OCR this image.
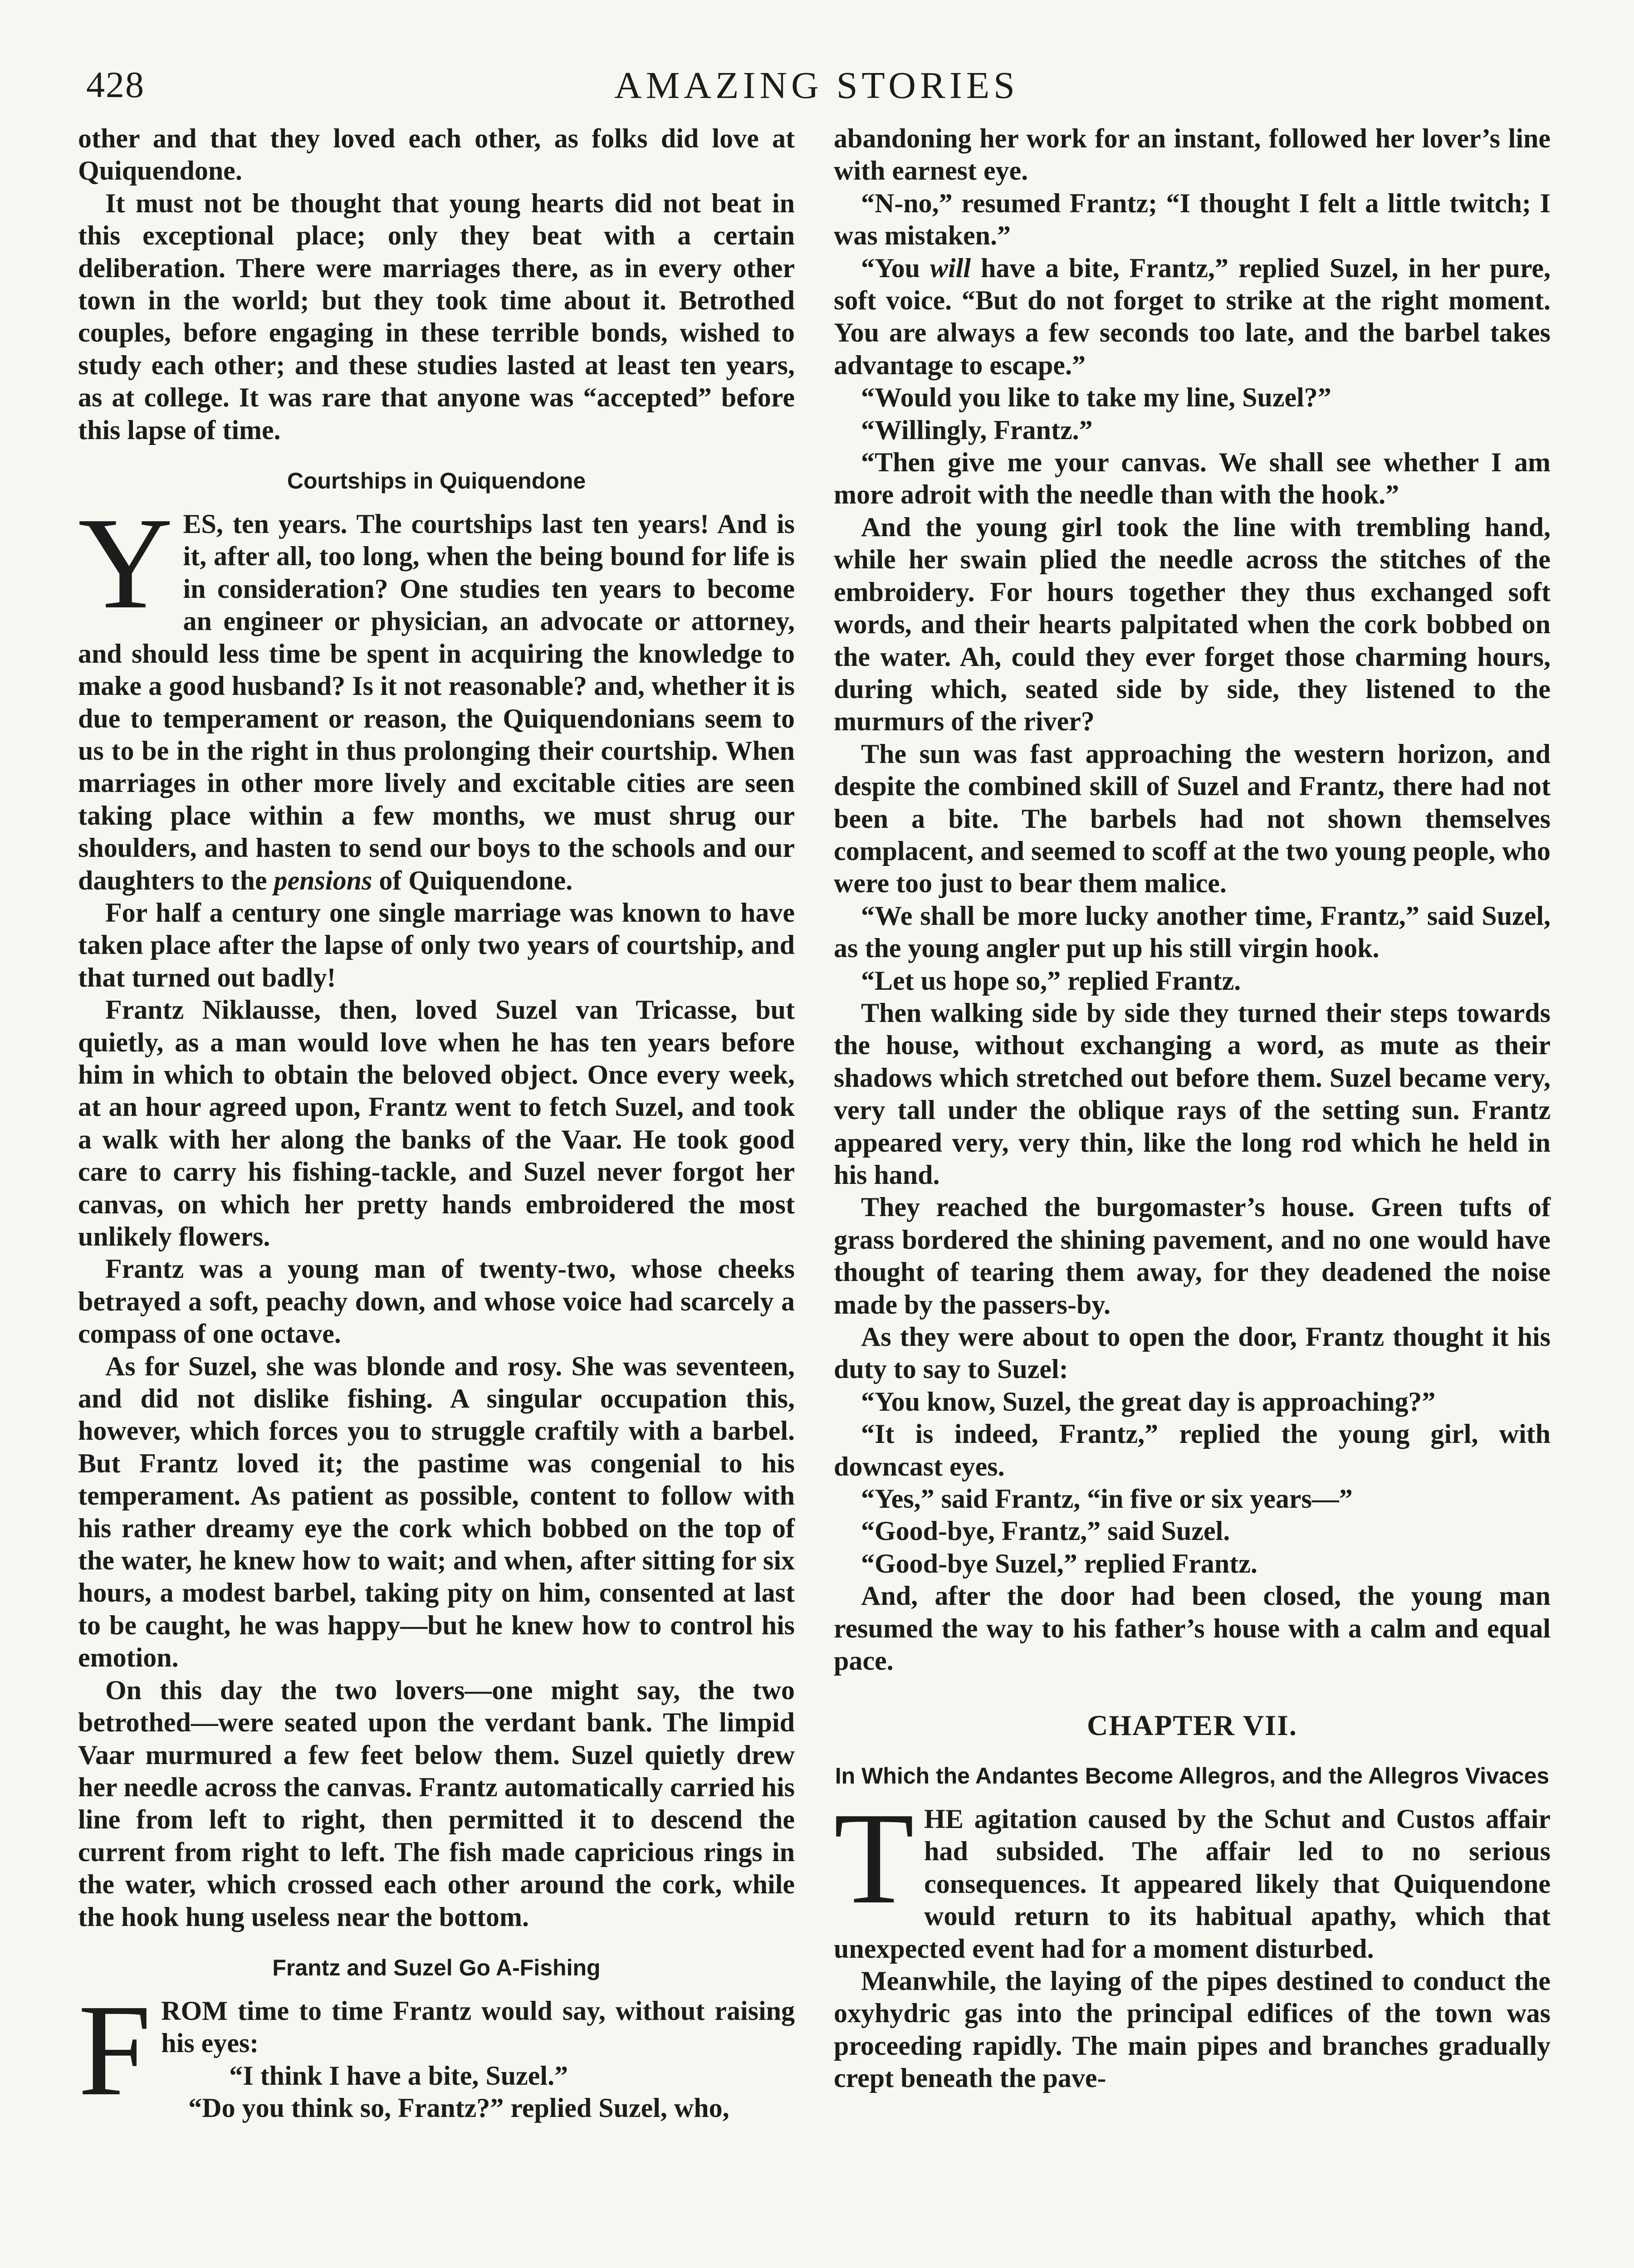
428	AMAZING STORIES

other and that they loved each other, as folks did love at Quiquendone.

It must not be thought that young hearts did not beat in this exceptional place; only they beat with a certain deliberation. There were marriages there, as in every other town in the world; but they took time about it. Betrothed couples, before engaging in these terrible bonds, wished to study each other; and these studies lasted at least ten years, as at college. It was rare that anyone was “accepted” before this lapse of time.

Courtships in Quiquendone

YES, ten years. The courtships last ten years! And is it, after all, too long, when the being bound for life is in consideration? One studies ten years to become an engineer or physician, an advocate or attorney, and should less time be spent in acquiring the knowledge to make a good husband? Is it not reasonable? and, whether it is due to temperament or reason, the Quiquendonians seem to us to be in the right in thus prolonging their courtship. When marriages in other more lively and excitable cities are seen taking place within a few months, we must shrug our shoulders, and hasten to send our boys to the schools and our daughters to the pensions of Quiquendone.

For half a century one single marriage was known to have taken place after the lapse of only two years of courtship, and that turned out badly!

Frantz Niklausse, then, loved Suzel van Tricasse, but quietly, as a man would love when he has ten years before him in which to obtain the beloved object. Once every week, at an hour agreed upon, Frantz went to fetch Suzel, and took a walk with her along the banks of the Vaar. He took good care to carry his fishing-tackle, and Suzel never forgot her canvas, on which her pretty hands embroidered the most unlikely flowers.

Frantz was a young man of twenty-two, whose cheeks betrayed a soft, peachy down, and whose voice had scarcely a compass of one octave.

As for Suzel, she was blonde and rosy. She was seventeen, and did not dislike fishing. A singular occupation this, however, which forces you to struggle craftily with a barbel. But Frantz loved it; the pastime was congenial to his temperament. As patient as possible, content to follow with his rather dreamy eye the cork which bobbed on the top of the water, he knew how to wait; and when, after sitting for six hours, a modest barbel, taking pity on him, consented at last to be caught, he was happy—but he knew how to control his emotion.

On this day the two lovers—one might say, the two betrothed—were seated upon the verdant bank. The limpid Vaar murmured a few feet below them. Suzel quietly drew her needle across the canvas. Frantz automatically carried his line from left to right, then permitted it to descend the current from right to left. The fish made capricious rings in the water, which crossed each other around the cork, while the hook hung useless near the bottom.

Frantz and Suzel Go A-Fishing

FROM time to time Frantz would say, without raising his eyes:

“I think I have a bite, Suzel.”

“Do you think so, Frantz?” replied Suzel, who,

abandoning her work for an instant, followed her lover’s line with earnest eye.

“N-no,” resumed Frantz; “I thought I felt a little twitch; I was mistaken.”

“You will have a bite, Frantz,” replied Suzel, in her pure, soft voice. “But do not forget to strike at the right moment. You are always a few seconds too late, and the barbel takes advantage to escape.”

“Would you like to take my line, Suzel?”

“Willingly, Frantz.”

“Then give me your canvas. We shall see whether I am more adroit with the needle than with the hook.”

And the young girl took the line with trembling hand, while her swain plied the needle across the stitches of the embroidery. For hours together they thus exchanged soft words, and their hearts palpitated when the cork bobbed on the water. Ah, could they ever forget those charming hours, during which, seated side by side, they listened to the murmurs of the river?

The sun was fast approaching the western horizon, and despite the combined skill of Suzel and Frantz, there had not been a bite. The barbels had not shown themselves complacent, and seemed to scoff at the two young people, who were too just to bear them malice.

“We shall be more lucky another time, Frantz,” said Suzel, as the young angler put up his still virgin hook.

“Let us hope so,” replied Frantz.

Then walking side by side they turned their steps towards the house, without exchanging a word, as mute as their shadows which stretched out before them. Suzel became very, very tall under the oblique rays of the setting sun. Frantz appeared very, very thin, like the long rod which he held in his hand.

They reached the burgomaster’s house. Green tufts of grass bordered the shining pavement, and no one would have thought of tearing them away, for they deadened the noise made by the passers-by.

As they were about to open the door, Frantz thought it his duty to say to Suzel:

“You know, Suzel, the great day is approaching?”

“It is indeed, Frantz,” replied the young girl, with downcast eyes.

“Yes,” said Frantz, “in five or six years—”

“Good-bye, Frantz,” said Suzel.

“Good-bye Suzel,” replied Frantz.

And, after the door had been closed, the young man resumed the way to his father’s house with a calm and equal pace.

CHAPTER VII.
In Which the Andantes Become Allegros, and the Allegros Vivaces

THE agitation caused by the Schut and Custos affair had subsided. The affair led to no serious consequences. It appeared likely that Quiquendone would return to its habitual apathy, which that unexpected event had for a moment disturbed.

Meanwhile, the laying of the pipes destined to conduct the oxyhydric gas into the principal edifices of the town was proceeding rapidly. The main pipes and branches gradually crept beneath the pave-
